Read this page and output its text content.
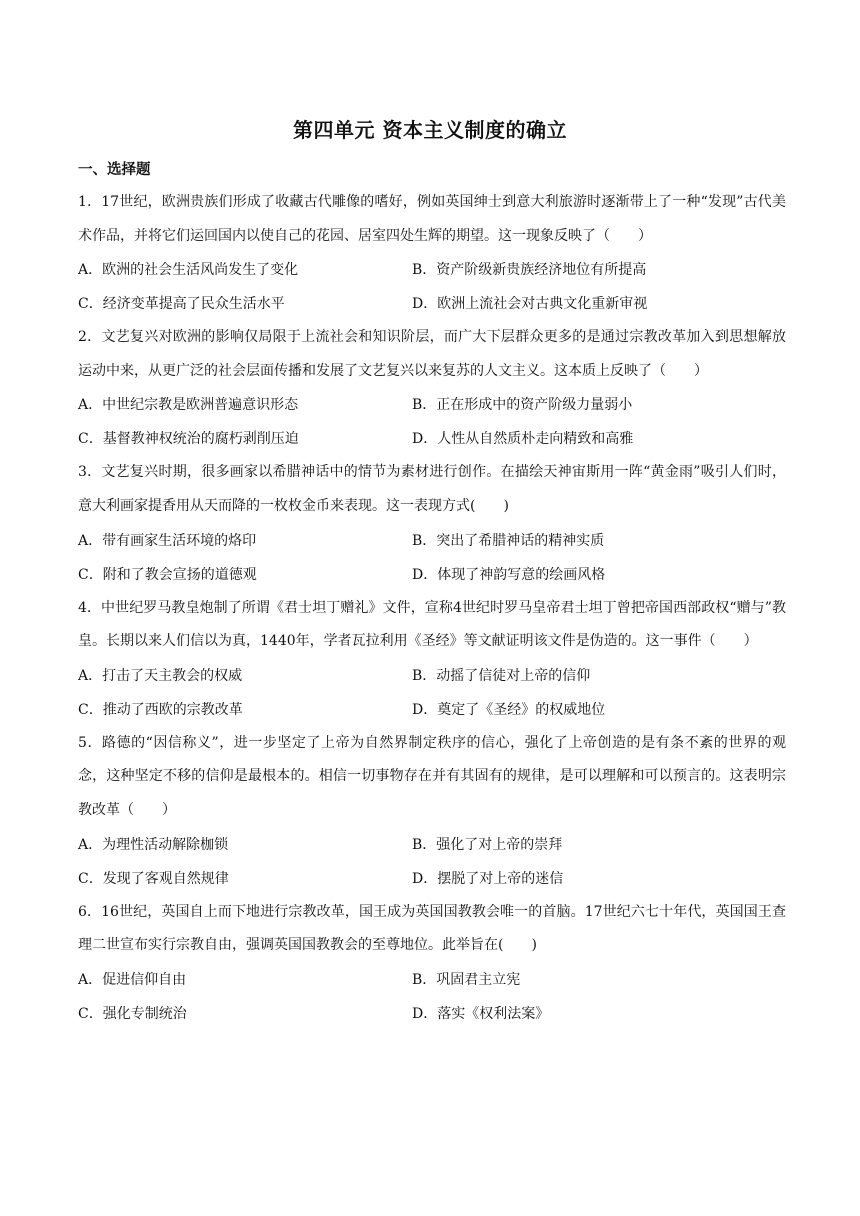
第四单元 资本主义制度的确立
一、选择题

1．17世纪，欧洲贵族们形成了收藏古代雕像的嗜好，例如英国绅士到意大利旅游时逐渐带上了一种“发现”古代美术作品，并将它们运回国内以使自己的花园、居室四处生辉的期望。这一现象反映了（　　）

A．欧洲的社会生活风尚发生了变化	B．资产阶级新贵族经济地位有所提高
C．经济变革提高了民众生活水平	D．欧洲上流社会对古典文化重新审视

2．文艺复兴对欧洲的影响仅局限于上流社会和知识阶层，而广大下层群众更多的是通过宗教改革加入到思想解放运动中来，从更广泛的社会层面传播和发展了文艺复兴以来复苏的人文主义。这本质上反映了（　　）

A．中世纪宗教是欧洲普遍意识形态	B．正在形成中的资产阶级力量弱小
C．基督教神权统治的腐朽剥削压迫	D．人性从自然质朴走向精致和高雅

3．文艺复兴时期，很多画家以希腊神话中的情节为素材进行创作。在描绘天神宙斯用一阵“黄金雨”吸引人们时，意大利画家提香用从天而降的一枚枚金币来表现。这一表现方式(　　)

A．带有画家生活环境的烙印	B．突出了希腊神话的精神实质
C．附和了教会宣扬的道德观	D．体现了神韵写意的绘画风格

4．中世纪罗马教皇炮制了所谓《君士坦丁赠礼》文件，宣称4世纪时罗马皇帝君士坦丁曾把帝国西部政权“赠与”教皇。长期以来人们信以为真，1440年，学者瓦拉利用《圣经》等文献证明该文件是伪造的。这一事件（　　）

A．打击了天主教会的权威	B．动摇了信徒对上帝的信仰
C．推动了西欧的宗教改革	D．奠定了《圣经》的权威地位

5．路德的“因信称义”，进一步坚定了上帝为自然界制定秩序的信心，强化了上帝创造的是有条不紊的世界的观念，这种坚定不移的信仰是最根本的。相信一切事物存在并有其固有的规律，是可以理解和可以预言的。这表明宗教改革（　　）

A．为理性活动解除枷锁	B．强化了对上帝的崇拜
C．发现了客观自然规律	D．摆脱了对上帝的迷信

6．16世纪，英国自上而下地进行宗教改革，国王成为英国国教教会唯一的首脑。17世纪六七十年代，英国国王查理二世宣布实行宗教自由，强调英国国教教会的至尊地位。此举旨在(　　)

A．促进信仰自由	B．巩固君主立宪
C．强化专制统治	D．落实《权利法案》
